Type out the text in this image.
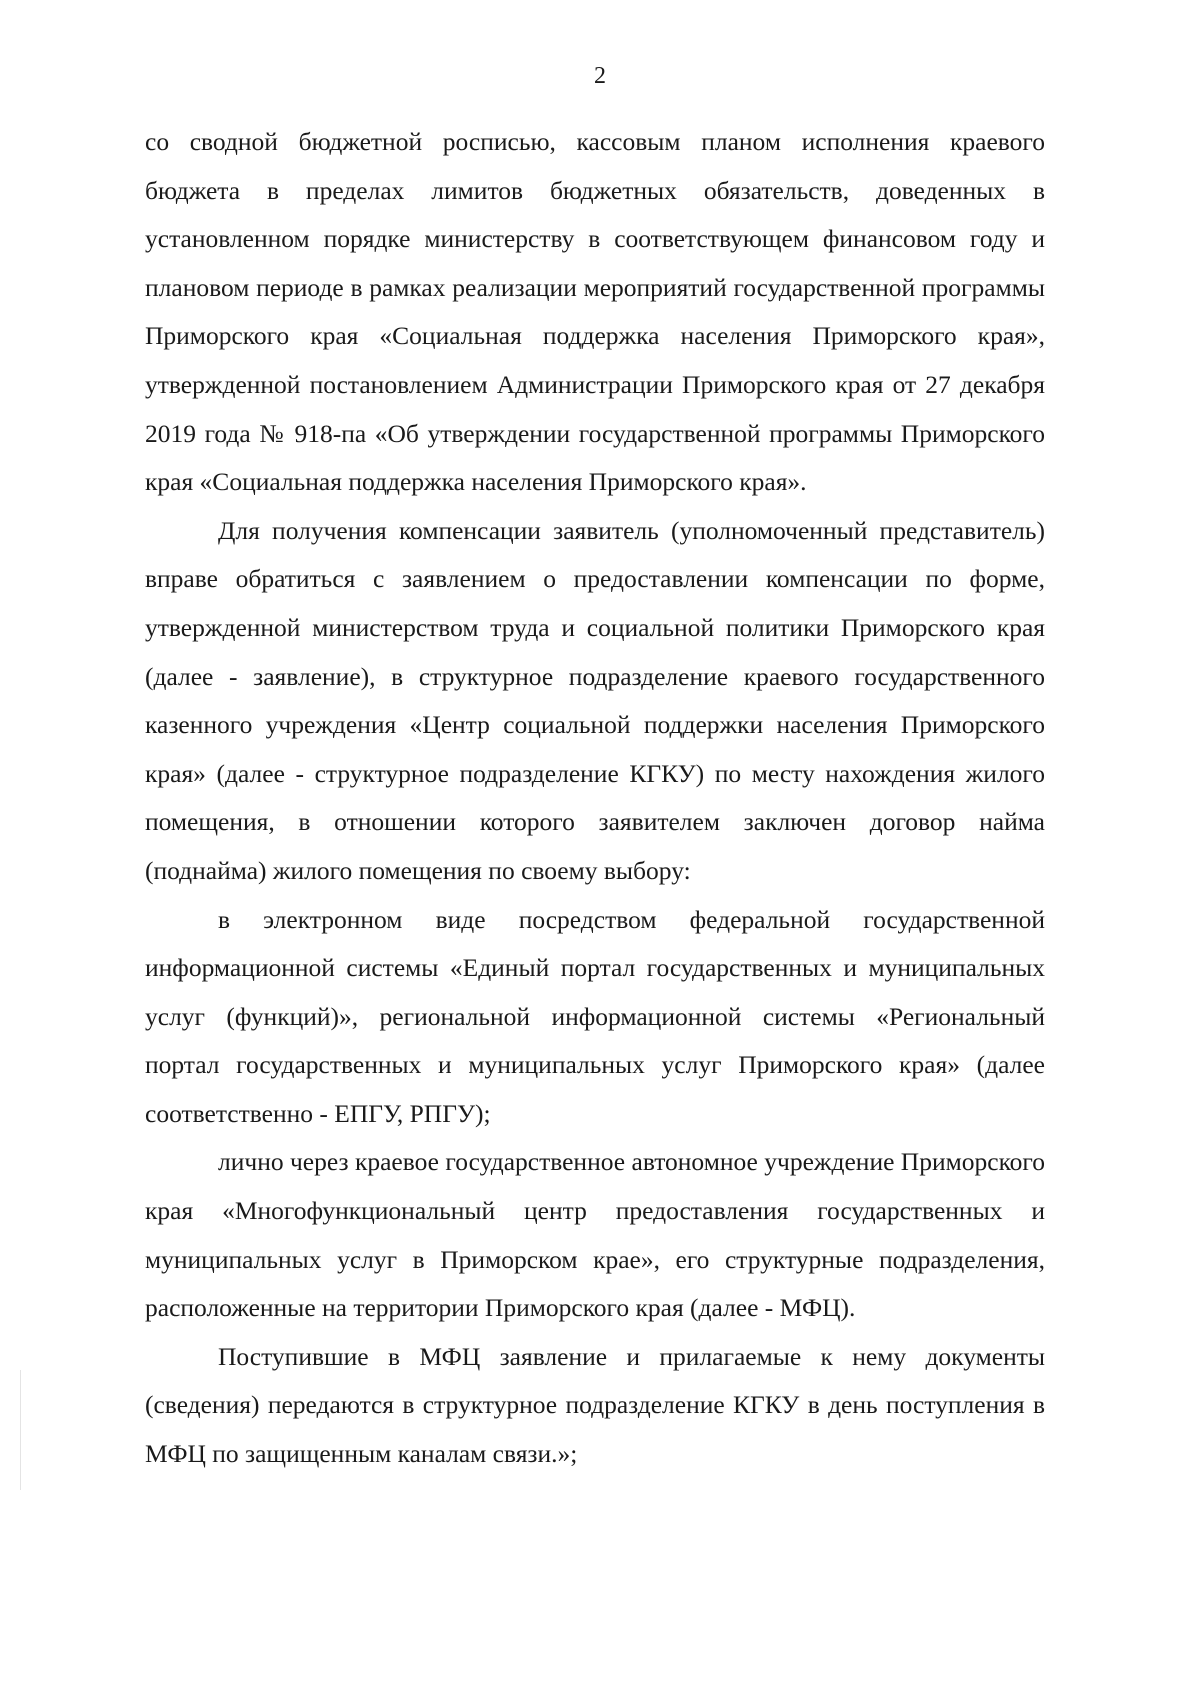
2

со сводной бюджетной росписью, кассовым планом исполнения краевого бюджета в пределах лимитов бюджетных обязательств, доведенных в установленном порядке министерству в соответствующем финансовом году и плановом периоде в рамках реализации мероприятий государственной программы Приморского края «Социальная поддержка населения Приморского края», утвержденной постановлением Администрации Приморского края от 27 декабря 2019 года № 918-па «Об утверждении государственной программы Приморского края «Социальная поддержка населения Приморского края».

Для получения компенсации заявитель (уполномоченный представитель) вправе обратиться с заявлением о предоставлении компенсации по форме, утвержденной министерством труда и социальной политики Приморского края (далее - заявление), в структурное подразделение краевого государственного казенного учреждения «Центр социальной поддержки населения Приморского края» (далее - структурное подразделение КГКУ) по месту нахождения жилого помещения, в отношении которого заявителем заключен договор найма (поднайма) жилого помещения по своему выбору:

в электронном виде посредством федеральной государственной информационной системы «Единый портал государственных и муниципальных услуг (функций)», региональной информационной системы «Региональный портал государственных и муниципальных услуг Приморского края» (далее соответственно - ЕПГУ, РПГУ);

лично через краевое государственное автономное учреждение Приморского края «Многофункциональный центр предоставления государственных и муниципальных услуг в Приморском крае», его структурные подразделения, расположенные на территории Приморского края (далее - МФЦ).

Поступившие в МФЦ заявление и прилагаемые к нему документы (сведения) передаются в структурное подразделение КГКУ в день поступления в МФЦ по защищенным каналам связи.»;
